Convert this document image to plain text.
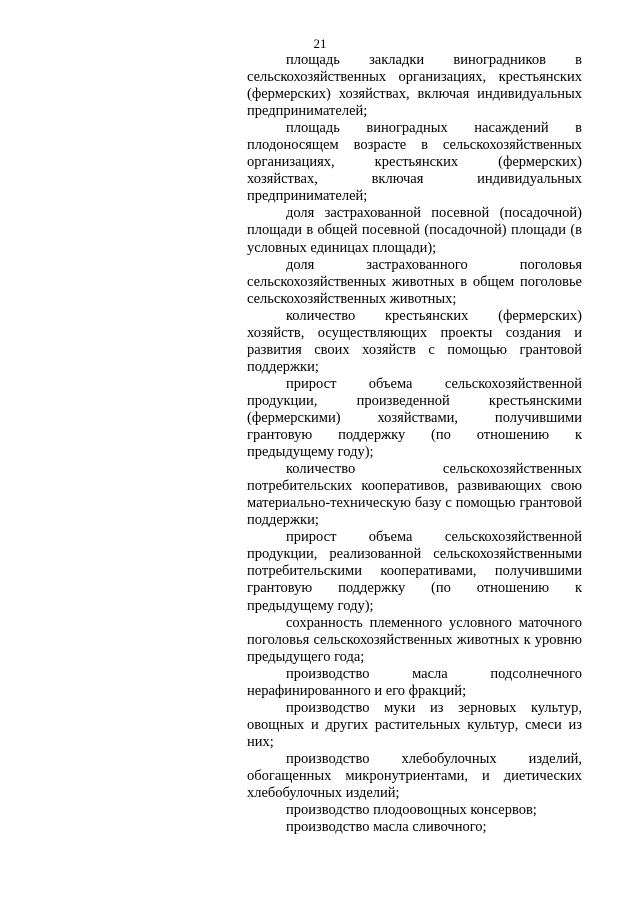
21

площадь закладки виноградников в сельскохозяйственных организациях, крестьянских (фермерских) хозяйствах, включая индивидуальных предпринимателей;

площадь виноградных насаждений в плодоносящем возрасте в сельскохозяйственных организациях, крестьянских (фермерских) хозяйствах, включая индивидуальных предпринимателей;

доля застрахованной посевной (посадочной) площади в общей посевной (посадочной) площади (в условных единицах площади);

доля застрахованного поголовья сельскохозяйственных животных в общем поголовье сельскохозяйственных животных;

количество крестьянских (фермерских) хозяйств, осуществляющих проекты создания и развития своих хозяйств с помощью грантовой поддержки;

прирост объема сельскохозяйственной продукции, произведенной крестьянскими (фермерскими) хозяйствами, получившими грантовую поддержку (по отношению к предыдущему году);

количество сельскохозяйственных потребительских кооперативов, развивающих свою материально-техническую базу с помощью грантовой поддержки;

прирост объема сельскохозяйственной продукции, реализованной сельскохозяйственными потребительскими кооперативами, получившими грантовую поддержку (по отношению к предыдущему году);

сохранность племенного условного маточного поголовья сельскохозяйственных животных к уровню предыдущего года;

производство масла подсолнечного нерафинированного и его фракций;

производство муки из зерновых культур, овощных и других растительных культур, смеси из них;

производство хлебобулочных изделий, обогащенных микронутриентами, и диетических хлебобулочных изделий;

производство плодоовощных консервов;

производство масла сливочного;
